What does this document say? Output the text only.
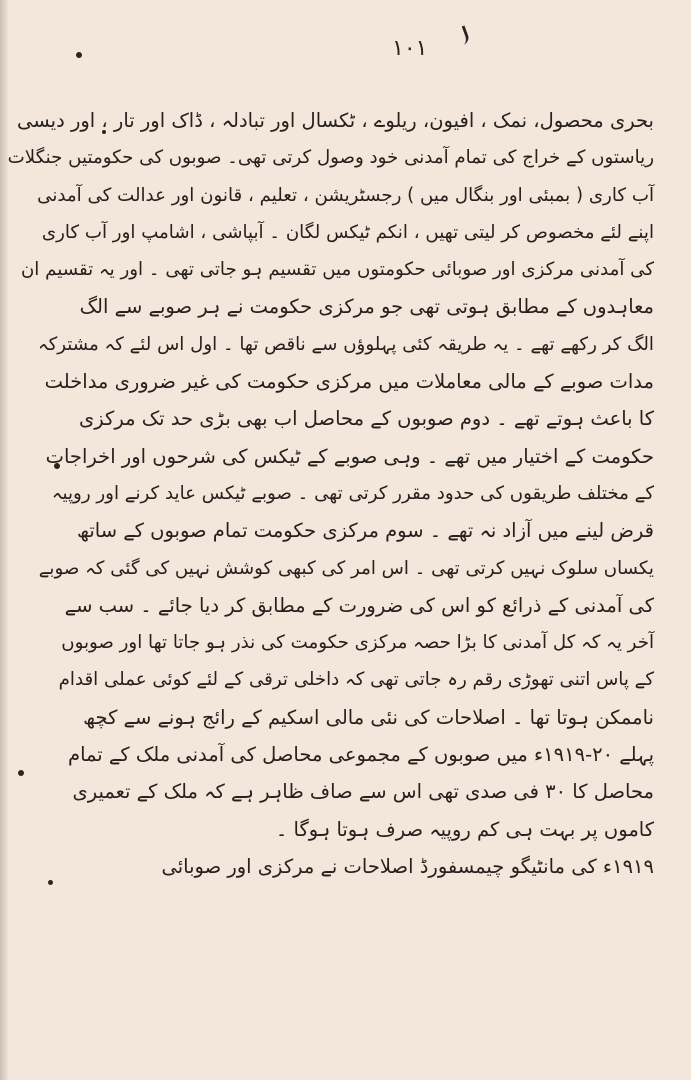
۱۰۱
بحری محصول، نمک ، افیون، ریلوے ، ٹکسال اور تبادلہ ، ڈاک اور تار ، اور دیسی
ریاستوں کے خراج کی تمام آمدنی خود وصول کرتی تھی۔ صوبوں کی حکومتیں جنگلات
آب کاری ( بمبئی اور بنگال میں ) رجسٹریشن ، تعلیم ، قانون اور عدالت کی آمدنی
اپنے لئے مخصوص کر لیتی تھیں ، انکم ٹیکس لگان ۔ آبپاشی ، اشامپ اور آب کاری
کی آمدنی مرکزی اور صوبائی حکومتوں میں تقسیم ہو جاتی تھی ۔ اور یہ تقسیم ان
معاہدوں کے مطابق ہوتی تھی جو مرکزی حکومت نے ہر صوبے سے الگ
الگ کر رکھے تھے ۔ یہ طریقہ کئی پہلوؤں سے ناقص تھا ۔ اول اس لئے کہ مشترکہ
مدات صوبے کے مالی معاملات میں مرکزی حکومت کی غیر ضروری مداخلت
کا باعث ہوتے تھے ۔ دوم صوبوں کے محاصل اب بھی بڑی حد تک مرکزی
حکومت کے اختیار میں تھے ۔ وہی صوبے کے ٹیکس کی شرحوں اور اخراجات
کے مختلف طریقوں کی حدود مقرر کرتی تھی ۔ صوبے ٹیکس عاید کرنے اور روپیہ
قرض لینے میں آزاد نہ تھے ۔ سوم مرکزی حکومت تمام صوبوں کے ساتھ
یکساں سلوک نہیں کرتی تھی ۔ اس امر کی کبھی کوشش نہیں کی گئی کہ صوبے
کی آمدنی کے ذرائع کو اس کی ضرورت کے مطابق کر دیا جائے ۔ سب سے
آخر یہ کہ کل آمدنی کا بڑا حصہ مرکزی حکومت کی نذر ہو جاتا تھا اور صوبوں
کے پاس اتنی تھوڑی رقم رہ جاتی تھی کہ داخلی ترقی کے لئے کوئی عملی اقدام
ناممکن ہوتا تھا ۔ اصلاحات کی نئی مالی اسکیم کے رائج ہونے سے کچھ
پہلے ۲۰-۱۹۱۹ء میں صوبوں کے مجموعی محاصل کی آمدنی ملک کے تمام
محاصل کا ۳۰ فی صدی تھی اس سے صاف ظاہر ہے کہ ملک کے تعمیری
کاموں پر بہت ہی کم روپیہ صرف ہوتا ہوگا ۔
۱۹۱۹ء کی مانٹیگو چیمسفورڈ اصلاحات نے مرکزی اور صوبائی
